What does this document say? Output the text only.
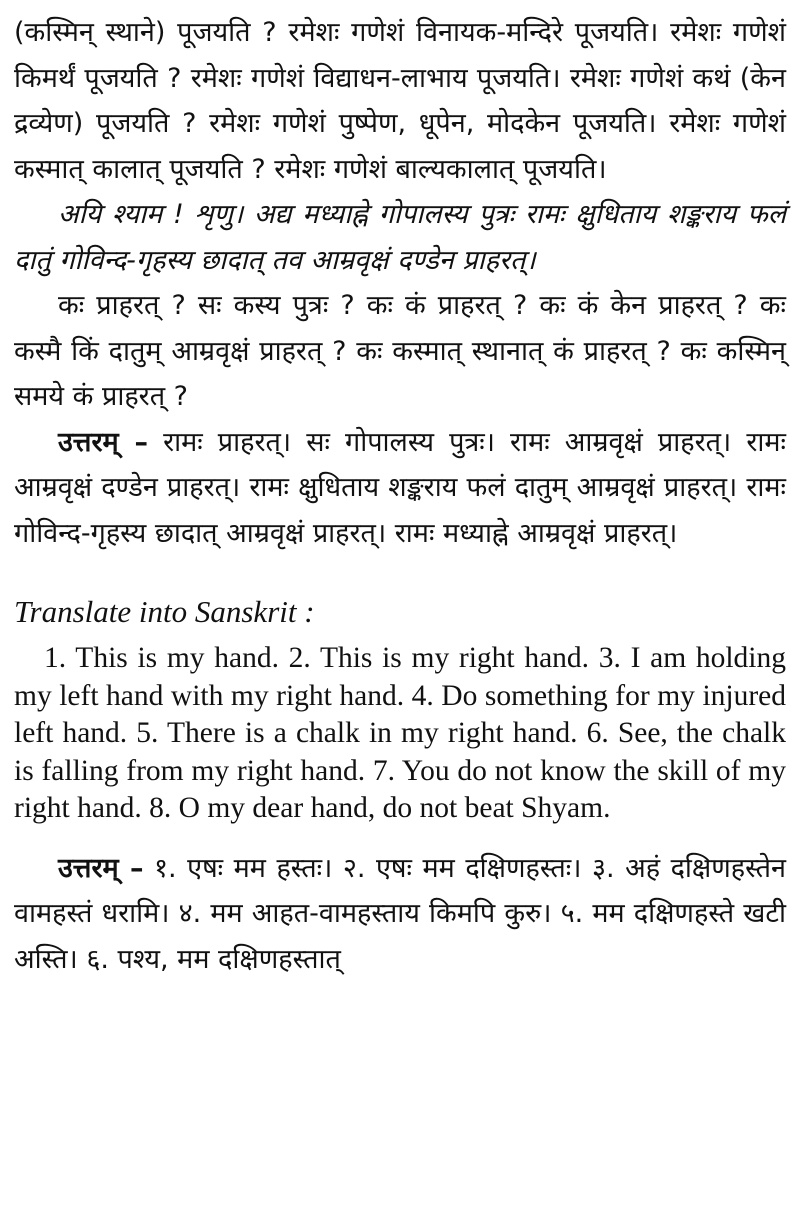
(कस्मिन् स्थाने) पूजयति ? रमेशः गणेशं विनायक-मन्दिरे पूजयति। रमेशः गणेशं किमर्थं पूजयति ? रमेशः गणेशं विद्याधन-लाभाय पूजयति। रमेशः गणेशं कथं (केन द्रव्येण) पूजयति ? रमेशः गणेशं पुष्पेण, धूपेन, मोदकेन पूजयति। रमेशः गणेशं कस्मात् कालात् पूजयति ? रमेशः गणेशं बाल्यकालात् पूजयति।

अयि श्याम ! शृणु। अद्य मध्याह्ने गोपालस्य पुत्रः रामः क्षुधिताय शङ्कराय फलं दातुं गोविन्द-गृहस्य छादात् तव आम्रवृक्षं दण्डेन प्राहरत्।

कः प्राहरत् ? सः कस्य पुत्रः ? कः कं प्राहरत् ? कः कं केन प्राहरत् ? कः कस्मै किं दातुम् आम्रवृक्षं प्राहरत् ? कः कस्मात् स्थानात् कं प्राहरत् ? कः कस्मिन् समये कं प्राहरत् ?

उत्तरम् – रामः प्राहरत्। सः गोपालस्य पुत्रः। रामः आम्रवृक्षं प्राहरत्। रामः आम्रवृक्षं दण्डेन प्राहरत्। रामः क्षुधिताय शङ्कराय फलं दातुम् आम्रवृक्षं प्राहरत्। रामः गोविन्द-गृहस्य छादात् आम्रवृक्षं प्राहरत्। रामः मध्याह्ने आम्रवृक्षं प्राहरत्।

Translate into Sanskrit :

1. This is my hand. 2. This is my right hand. 3. I am holding my left hand with my right hand. 4. Do something for my injured left hand. 5. There is a chalk in my right hand. 6. See, the chalk is falling from my right hand. 7. You do not know the skill of my right hand. 8. O my dear hand, do not beat Shyam.

उत्तरम् – १. एषः मम हस्तः। २. एषः मम दक्षिणहस्तः। ३. अहं दक्षिणहस्तेन वामहस्तं धरामि। ४. मम आहत-वामहस्ताय किमपि कुरु। ५. मम दक्षिणहस्ते खटी अस्ति। ६. पश्य, मम दक्षिणहस्तात्
